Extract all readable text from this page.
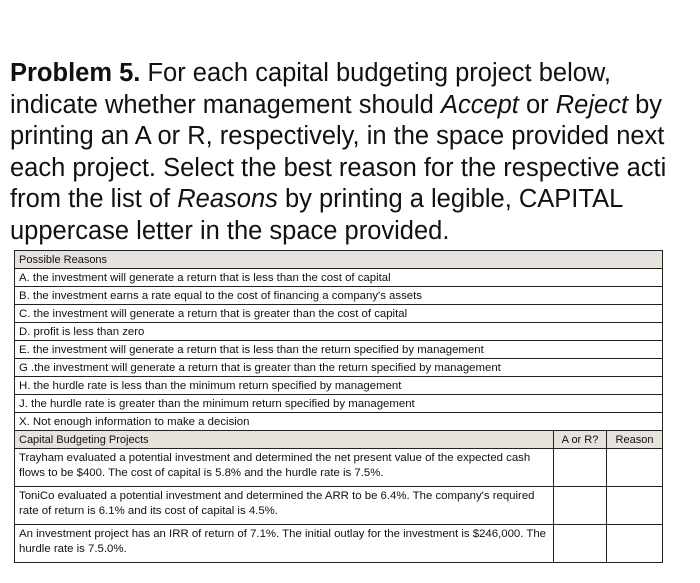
Problem 5. For each capital budgeting project below,
indicate whether management should Accept or Reject by
printing an A or R, respectively, in the space provided next
each project. Select the best reason for the respective acti
from the list of Reasons by printing a legible, CAPITAL
uppercase letter in the space provided.
Possible Reasons		
A. the investment will generate a return that is less than the cost of capital		
B. the investment earns a rate equal to the cost of financing a company's assets		
C. the investment will generate a return that is greater than the cost of capital		
D. profit is less than zero		
E. the investment will generate a return that is less than the return specified by management		
G .the investment will generate a return that is greater than the return specified by management		
H. the hurdle rate is less than the minimum return specified by management		
J. the hurdle rate is greater than the minimum return specified by management		
X. Not enough information to make a decision		
Capital Budgeting Projects	A or R?	Reason
Trayham evaluated a potential investment and determined the net present value of the expected cash flows to be $400. The cost of capital is 5.8% and the hurdle rate is 7.5%.		
ToniCo evaluated a potential investment and determined the ARR to be 6.4%. The company's required rate of return is 6.1% and its cost of capital is 4.5%.		
An investment project has an IRR of return of 7.1%. The initial outlay for the investment is $246,000. The hurdle rate is 7.5.0%.		
